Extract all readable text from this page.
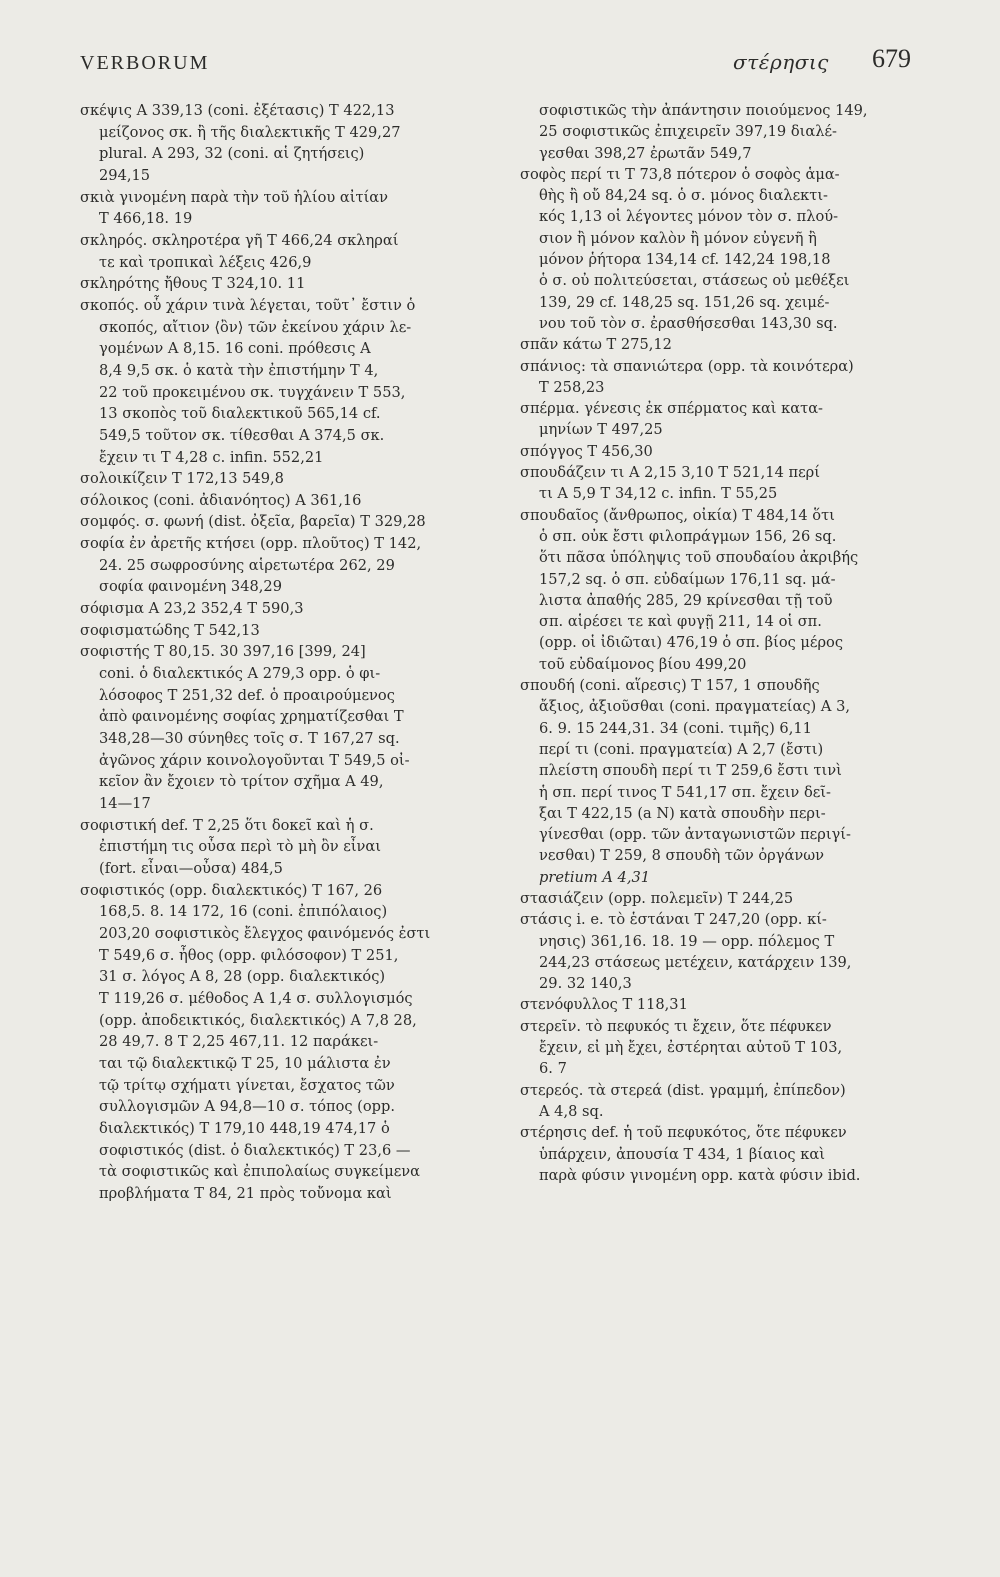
VERBORUM	στέρησις 679

σκέψις Α 339,13 (coni. ἐξέτασις) Τ 422,13

μείζονος σκ. ἢ τῆς διαλεκτικῆς Τ 429,27

plural. Α 293, 32 (coni. αἱ ζητήσεις)

294,15

σκιὰ γινομένη παρὰ τὴν τοῦ ἡλίου αἰτίαν

Τ 466,18. 19

σκληρός. σκληροτέρα γῆ Τ 466,24 σκληραί

τε καὶ τροπικαὶ λέξεις 426,9

σκληρότης ἤθους Τ 324,10. 11

σκοπός. οὗ χάριν τινὰ λέγεται, τοῦτ᾽ ἔστιν ὁ

σκοπός, αἴτιον ⟨ὂν⟩ τῶν ἐκείνου χάριν λε-

γομένων Α 8,15. 16 coni. πρόθεσις Α

8,4 9,5 σκ. ὁ κατὰ τὴν ἐπιστήμην Τ 4,

22 τοῦ προκειμένου σκ. τυγχάνειν Τ 553,

13 σκοπὸς τοῦ διαλεκτικοῦ 565,14 cf.

549,5 τοῦτον σκ. τίθεσθαι Α 374,5 σκ.

ἔχειν τι Τ 4,28 c. infin. 552,21

σολοικίζειν Τ 172,13 549,8

σόλοικος (coni. ἀδιανόητος) Α 361,16

σομφός. σ. φωνή (dist. ὀξεῖα, βαρεῖα) Τ 329,28

σοφία ἐν ἀρετῆς κτήσει (opp. πλοῦτος) Τ 142,

24. 25 σωφροσύνης αἱρετωτέρα 262, 29

σοφία φαινομένη 348,29

σόφισμα Α 23,2 352,4 Τ 590,3

σοφισματώδης Τ 542,13

σοφιστής Τ 80,15. 30 397,16 [399, 24]

coni. ὁ διαλεκτικός Α 279,3 opp. ὁ φι-

λόσοφος Τ 251,32 def. ὁ προαιρούμενος

ἀπὸ φαινομένης σοφίας χρηματίζεσθαι Τ

348,28—30 σύνηθες τοῖς σ. Τ 167,27 sq.

ἀγῶνος χάριν κοινολογοῦνται Τ 549,5 οἰ-

κεῖον ἂν ἔχοιεν τὸ τρίτον σχῆμα Α 49,

14—17

σοφιστική def. Τ 2,25 ὅτι δοκεῖ καὶ ἡ σ.

ἐπιστήμη τις οὖσα περὶ τὸ μὴ ὂν εἶναι

(fort. εἶναι—οὖσα) 484,5

σοφιστικός (opp. διαλεκτικός) Τ 167, 26

168,5. 8. 14 172, 16 (coni. ἐπιπόλαιος)

203,20 σοφιστικὸς ἔλεγχος φαινόμενός ἐστι

Τ 549,6 σ. ἦθος (opp. φιλόσοφον) Τ 251,

31 σ. λόγος Α 8, 28 (opp. διαλεκτικός)

Τ 119,26 σ. μέθοδος Α 1,4 σ. συλλογισμός

(opp. ἀποδεικτικός, διαλεκτικός) Α 7,8 28,

28 49,7. 8 Τ 2,25 467,11. 12 παράκει-

ται τῷ διαλεκτικῷ Τ 25, 10 μάλιστα ἐν

τῷ τρίτῳ σχήματι γίνεται, ἔσχατος τῶν

συλλογισμῶν Α 94,8—10 σ. τόπος (opp.

διαλεκτικός) Τ 179,10 448,19 474,17 ὁ

σοφιστικός (dist. ὁ διαλεκτικός) Τ 23,6 —

τὰ σοφιστικῶς καὶ ἐπιπολαίως συγκείμενα

προβλήματα Τ 84, 21 πρὸς τοὔνομα καὶ

σοφιστικῶς τὴν ἀπάντησιν ποιούμενος 149,

25 σοφιστικῶς ἐπιχειρεῖν 397,19 διαλέ-

γεσθαι 398,27 ἐρωτᾶν 549,7

σοφὸς περί τι Τ 73,8 πότερον ὁ σοφὸς ἁμα-

θὴς ἢ οὔ 84,24 sq. ὁ σ. μόνος διαλεκτι-

κός 1,13 οἱ λέγοντες μόνον τὸν σ. πλού-

σιον ἢ μόνον καλὸν ἢ μόνον εὐγενῆ ἢ

μόνον ῥήτορα 134,14 cf. 142,24 198,18

ὁ σ. οὐ πολιτεύσεται, στάσεως οὐ μεθέξει

139, 29 cf. 148,25 sq. 151,26 sq. χειμέ-

νου τοῦ τὸν σ. ἐρασθήσεσθαι 143,30 sq.

σπᾶν κάτω Τ 275,12

σπάνιος: τὰ σπανιώτερα (opp. τὰ κοινότερα)

Τ 258,23

σπέρμα. γένεσις ἐκ σπέρματος καὶ κατα-

μηνίων Τ 497,25

σπόγγος Τ 456,30

σπουδάζειν τι Α 2,15 3,10 Τ 521,14 περί

τι Α 5,9 Τ 34,12 c. infin. Τ 55,25

σπουδαῖος (ἄνθρωπος, οἰκία) Τ 484,14 ὅτι

ὁ σπ. οὐκ ἔστι φιλοπράγμων 156, 26 sq.

ὅτι πᾶσα ὑπόληψις τοῦ σπουδαίου ἀκριβής

157,2 sq. ὁ σπ. εὐδαίμων 176,11 sq. μά-

λιστα ἀπαθής 285, 29 κρίνεσθαι τῇ τοῦ

σπ. αἱρέσει τε καὶ φυγῇ 211, 14 οἱ σπ.

(opp. οἱ ἰδιῶται) 476,19 ὁ σπ. βίος μέρος

τοῦ εὐδαίμονος βίου 499,20

σπουδή (coni. αἵρεσις) Τ 157, 1 σπουδῆς

ἄξιος, ἀξιοῦσθαι (coni. πραγματείας) Α 3,

6. 9. 15 244,31. 34 (coni. τιμῆς) 6,11

περί τι (coni. πραγματεία) Α 2,7 (ἔστι)

πλείστη σπουδὴ περί τι Τ 259,6 ἔστι τινὶ

ἡ σπ. περί τινος Τ 541,17 σπ. ἔχειν δεῖ-

ξαι Τ 422,15 (a N) κατὰ σπουδὴν περι-

γίνεσθαι (opp. τῶν ἀνταγωνιστῶν περιγί-

νεσθαι) Τ 259, 8 σπουδὴ τῶν ὀργάνων

pretium Α 4,31

στασιάζειν (opp. πολεμεῖν) Τ 244,25

στάσις i. e. τὸ ἑστάναι Τ 247,20 (opp. κί-

νησις) 361,16. 18. 19 — opp. πόλεμος Τ

244,23 στάσεως μετέχειν, κατάρχειν 139,

29. 32 140,3

στενόφυλλος Τ 118,31

στερεῖν. τὸ πεφυκός τι ἔχειν, ὅτε πέφυκεν

ἔχειν, εἰ μὴ ἔχει, ἐστέρηται αὐτοῦ Τ 103,

6. 7

στερεός. τὰ στερεά (dist. γραμμή, ἐπίπεδον)

Α 4,8 sq.

στέρησις def. ἡ τοῦ πεφυκότος, ὅτε πέφυκεν

ὑπάρχειν, ἀπουσία Τ 434, 1 βίαιος καὶ

παρὰ φύσιν γινομένη opp. κατὰ φύσιν ibid.
